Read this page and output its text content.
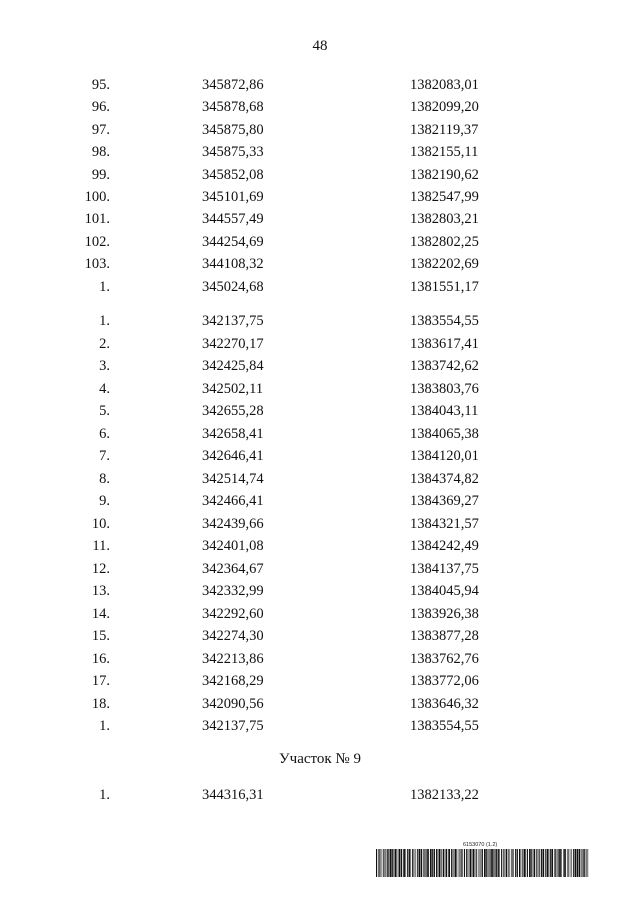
48
95.	345872,86	1382083,01
96.	345878,68	1382099,20
97.	345875,80	1382119,37
98.	345875,33	1382155,11
99.	345852,08	1382190,62
100.	345101,69	1382547,99
101.	344557,49	1382803,21
102.	344254,69	1382802,25
103.	344108,32	1382202,69
1.	345024,68	1381551,17
1.	342137,75	1383554,55
2.	342270,17	1383617,41
3.	342425,84	1383742,62
4.	342502,11	1383803,76
5.	342655,28	1384043,11
6.	342658,41	1384065,38
7.	342646,41	1384120,01
8.	342514,74	1384374,82
9.	342466,41	1384369,27
10.	342439,66	1384321,57
11.	342401,08	1384242,49
12.	342364,67	1384137,75
13.	342332,99	1384045,94
14.	342292,60	1383926,38
15.	342274,30	1383877,28
16.	342213,86	1383762,76
17.	342168,29	1383772,06
18.	342090,56	1383646,32
1.	342137,75	1383554,55
1.	344316,31	1382133,22
Участок № 9
6153070 (1.2)
